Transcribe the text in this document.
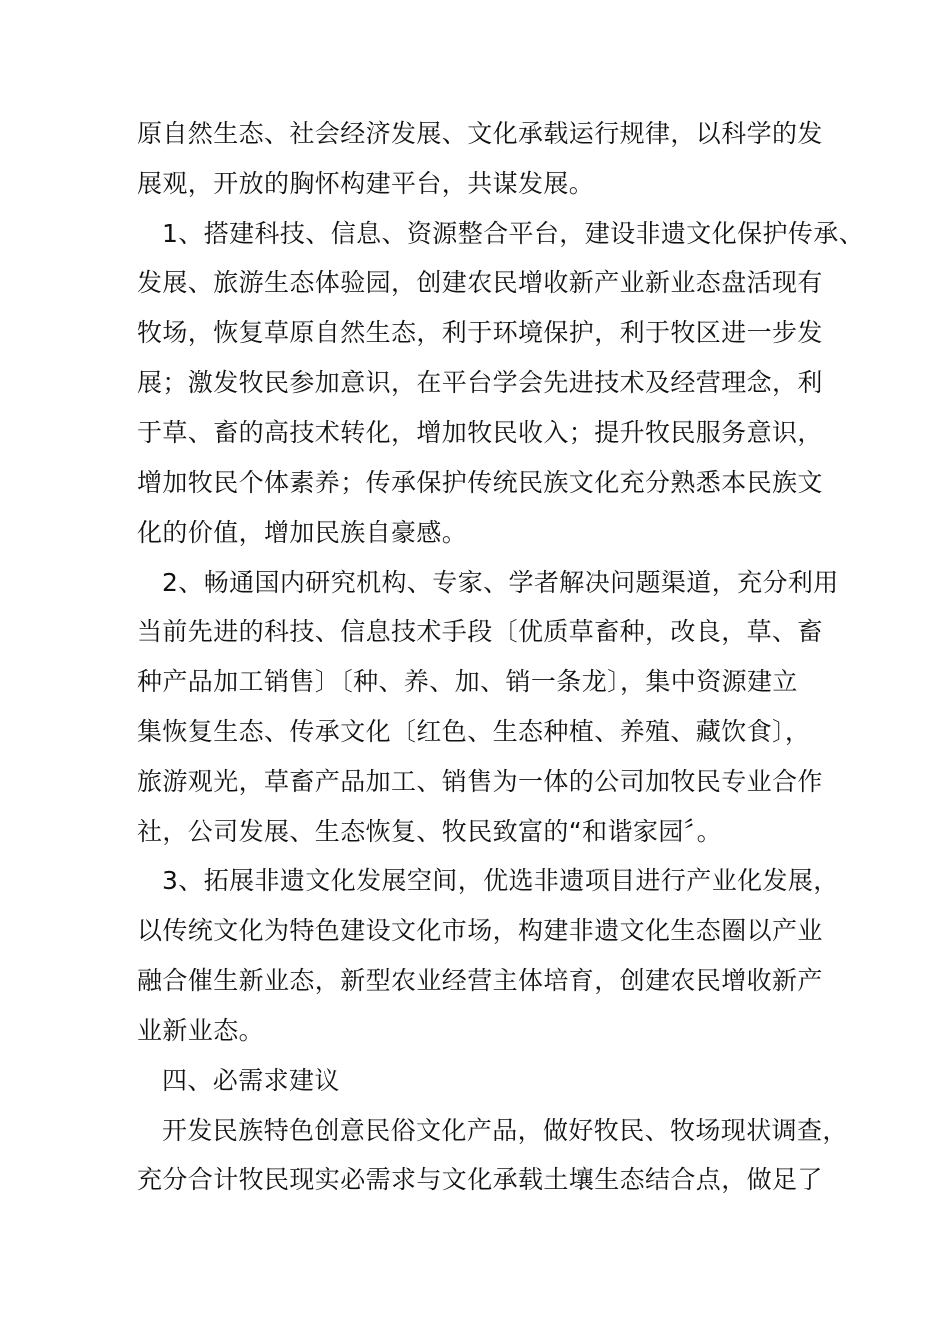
原自然生态、社会经济发展、文化承载运行规律，以科学的发
展观，开放的胸怀构建平台，共谋发展。
1、搭建科技、信息、资源整合平台，建设非遗文化保护传承、
发展、旅游生态体验园，创建农民增收新产业新业态盘活现有
牧场，恢复草原自然生态，利于环境保护，利于牧区进一步发
展；激发牧民参加意识，在平台学会先进技术及经营理念，利
于草、畜的高技术转化，增加牧民收入；提升牧民服务意识，
增加牧民个体素养；传承保护传统民族文化充分熟悉本民族文
化的价值，增加民族自豪感。
2、畅通国内研究机构、专家、学者解决问题渠道，充分利用
当前先进的科技、信息技术手段〔优质草畜种，改良，草、畜
种产品加工销售〕〔种、养、加、销一条龙〕，集中资源建立
集恢复生态、传承文化〔红色、生态种植、养殖、藏饮食〕，
旅游观光，草畜产品加工、销售为一体的公司加牧民专业合作
社，公司发展、生态恢复、牧民致富的“和谐家园〞。
3、拓展非遗文化发展空间，优选非遗项目进行产业化发展，
以传统文化为特色建设文化市场，构建非遗文化生态圈以产业
融合催生新业态，新型农业经营主体培育，创建农民增收新产
业新业态。
四、必需求建议
开发民族特色创意民俗文化产品，做好牧民、牧场现状调查，
充分合计牧民现实必需求与文化承载土壤生态结合点，做足了
